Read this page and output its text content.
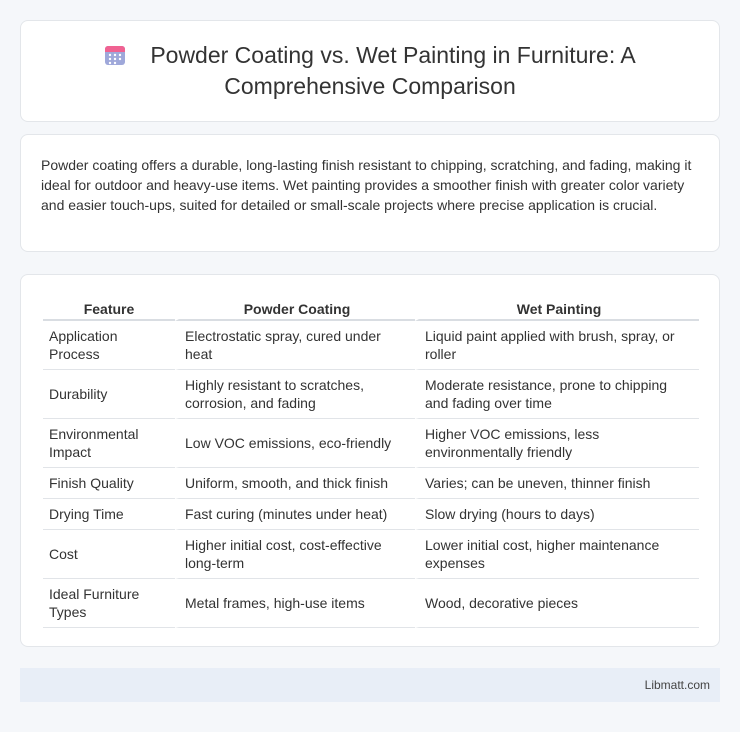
Powder Coating vs. Wet Painting in Furniture: A Comprehensive Comparison

Powder coating offers a durable, long-lasting finish resistant to chipping, scratching, and fading, making it ideal for outdoor and heavy-use items. Wet painting provides a smoother finish with greater color variety and easier touch-ups, suited for detailed or small-scale projects where precise application is crucial.

Feature	Powder Coating	Wet Painting
Application Process	Electrostatic spray, cured under heat	Liquid paint applied with brush, spray, or roller
Durability	Highly resistant to scratches, corrosion, and fading	Moderate resistance, prone to chipping and fading over time
Environmental Impact	Low VOC emissions, eco-friendly	Higher VOC emissions, less environmentally friendly
Finish Quality	Uniform, smooth, and thick finish	Varies; can be uneven, thinner finish
Drying Time	Fast curing (minutes under heat)	Slow drying (hours to days)
Cost	Higher initial cost, cost-effective long-term	Lower initial cost, higher maintenance expenses
Ideal Furniture Types	Metal frames, high-use items	Wood, decorative pieces
Libmatt.com
